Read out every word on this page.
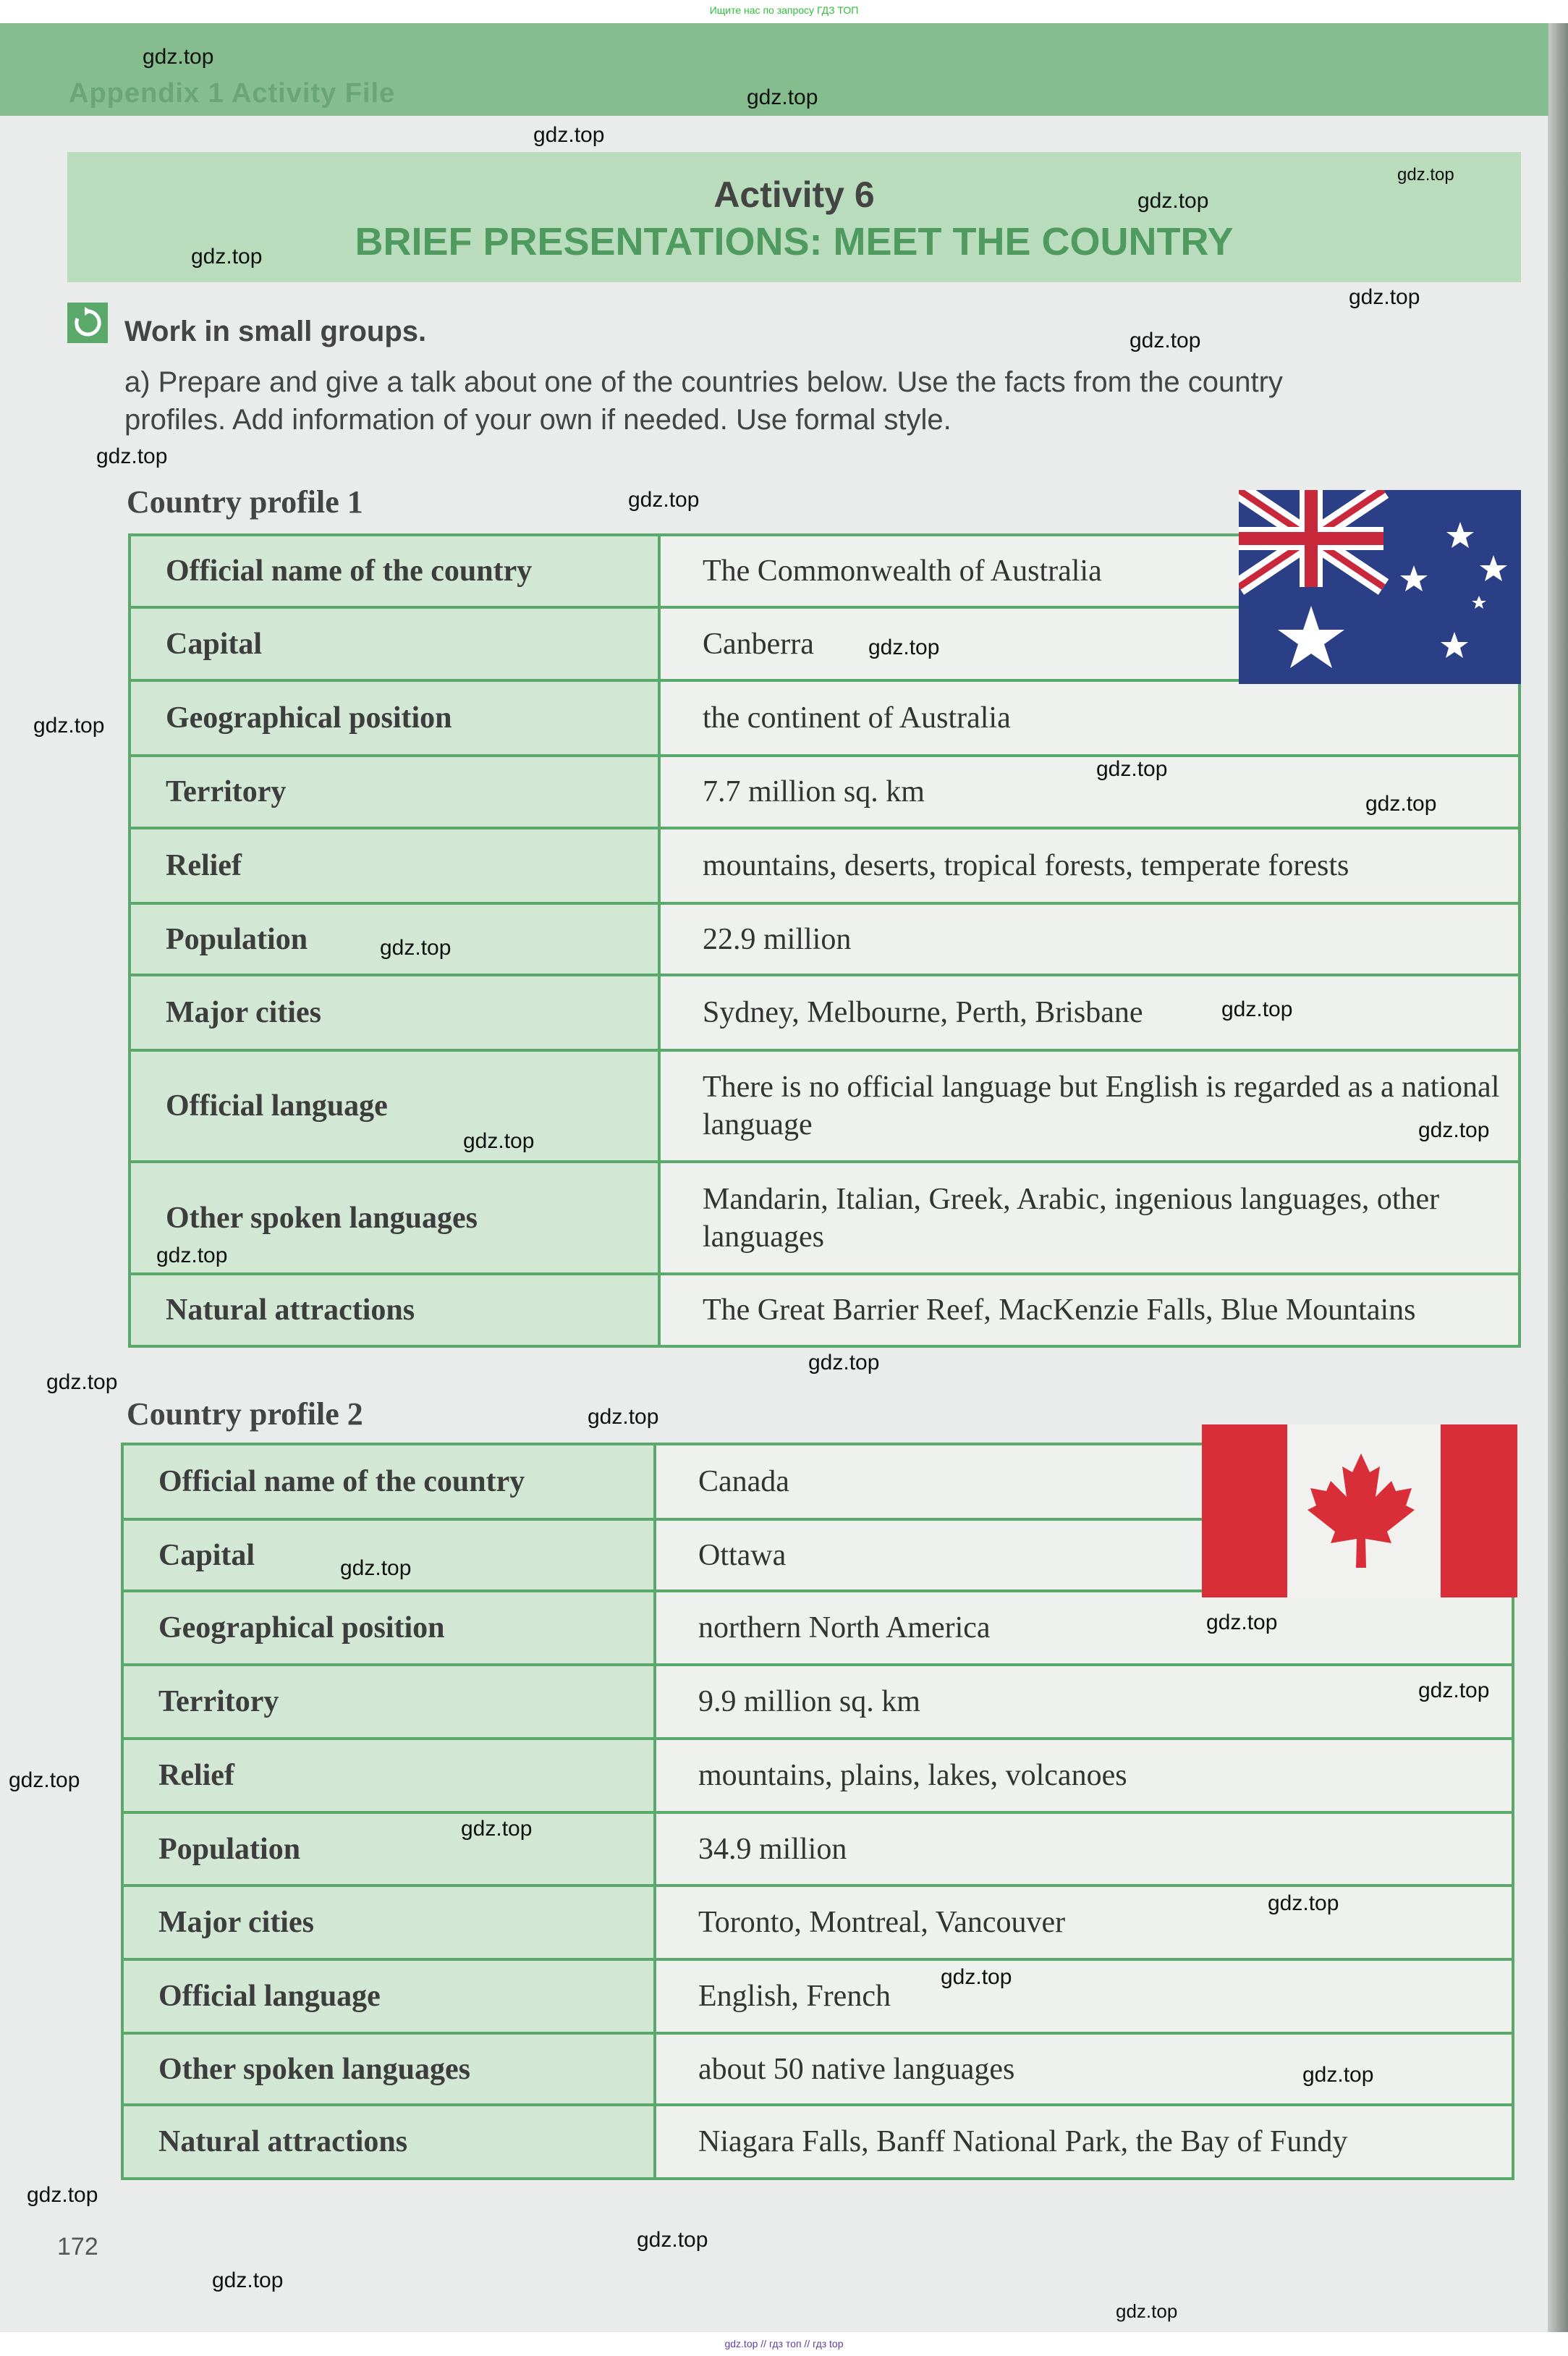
Ищите нас по запросу ГДЗ ТОП
Appendix 1 Activity File
Activity 6
BRIEF PRESENTATIONS: MEET THE COUNTRY
Work in small groups.
a) Prepare and give a talk about one of the countries below. Use the facts from the country
profiles. Add information of your own if needed. Use formal style.
Country profile 1
Official name of the country	The Commonwealth of Australia
Capital	Canberra
Geographical position	the continent of Australia
Territory	7.7 million sq. km
Relief	mountains, deserts, tropical forests, temperate forests
Population	22.9 million
Major cities	Sydney, Melbourne, Perth, Brisbane
Official language	There is no official language but English is regarded as a national language
Other spoken languages	Mandarin, Italian, Greek, Arabic, ingenious languages, other languages
Natural attractions	The Great Barrier Reef, MacKenzie Falls, Blue Mountains
Country profile 2
Official name of the country	Canada
Capital	Ottawa
Geographical position	northern North America
Territory	9.9 million sq. km
Relief	mountains, plains, lakes, volcanoes
Population	34.9 million
Major cities	Toronto, Montreal, Vancouver
Official language	English, French
Other spoken languages	about 50 native languages
Natural attractions	Niagara Falls, Banff National Park, the Bay of Fundy
172
gdz.top
gdz.top
gdz.top
gdz.top
gdz.top
gdz.top
gdz.top
gdz.top
gdz.top
gdz.top
gdz.top
gdz.top
gdz.top
gdz.top
gdz.top
gdz.top
gdz.top
gdz.top
gdz.top
gdz.top
gdz.top
gdz.top
gdz.top
gdz.top
gdz.top
gdz.top
gdz.top
gdz.top
gdz.top
gdz.top
gdz.top
gdz.top
gdz.top
gdz.top
gdz.top // гдз топ // гдз top
